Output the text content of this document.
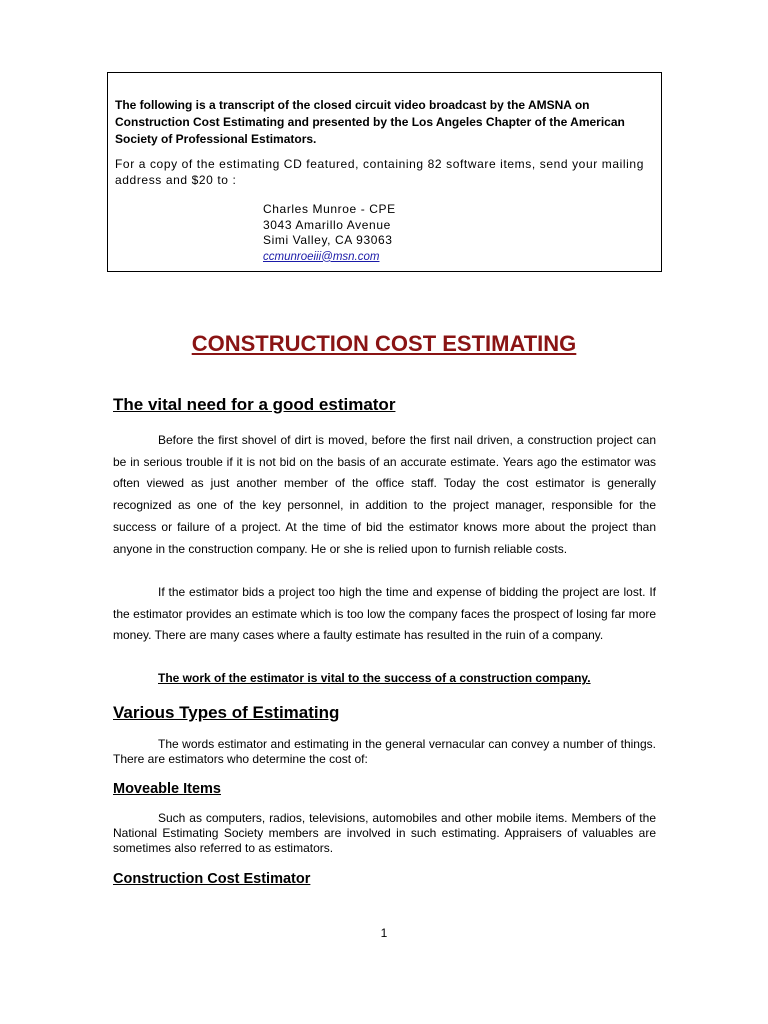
The following is a transcript of the closed circuit video broadcast by the AMSNA on Construction Cost Estimating and presented by the Los Angeles Chapter of the American Society of Professional Estimators.

For a copy of the estimating CD featured, containing 82 software items, send your mailing address and $20 to :

Charles Munroe - CPE
3043 Amarillo Avenue
Simi Valley, CA 93063
ccmunroeiii@msn.com
CONSTRUCTION COST ESTIMATING
The vital need for a good estimator

Before the first shovel of dirt is moved, before the first nail driven, a construction project can be in serious trouble if it is not bid on the basis of an accurate estimate. Years ago the estimator was often viewed as just another member of the office staff. Today the cost estimator is generally recognized as one of the key personnel, in addition to the project manager, responsible for the success or failure of a project. At the time of bid the estimator knows more about the project than anyone in the construction company. He or she is relied upon to furnish reliable costs.

If the estimator bids a project too high the time and expense of bidding the project are lost. If the estimator provides an estimate which is too low the company faces the prospect of losing far more money. There are many cases where a faulty estimate has resulted in the ruin of a company.

The work of the estimator is vital to the success of a construction company.

Various Types of Estimating

The words estimator and estimating in the general vernacular can convey a number of things. There are estimators who determine the cost of:

Moveable Items

Such as computers, radios, televisions, automobiles and other mobile items. Members of the National Estimating Society members are involved in such estimating. Appraisers of valuables are sometimes also referred to as estimators.

Construction Cost Estimator

1
